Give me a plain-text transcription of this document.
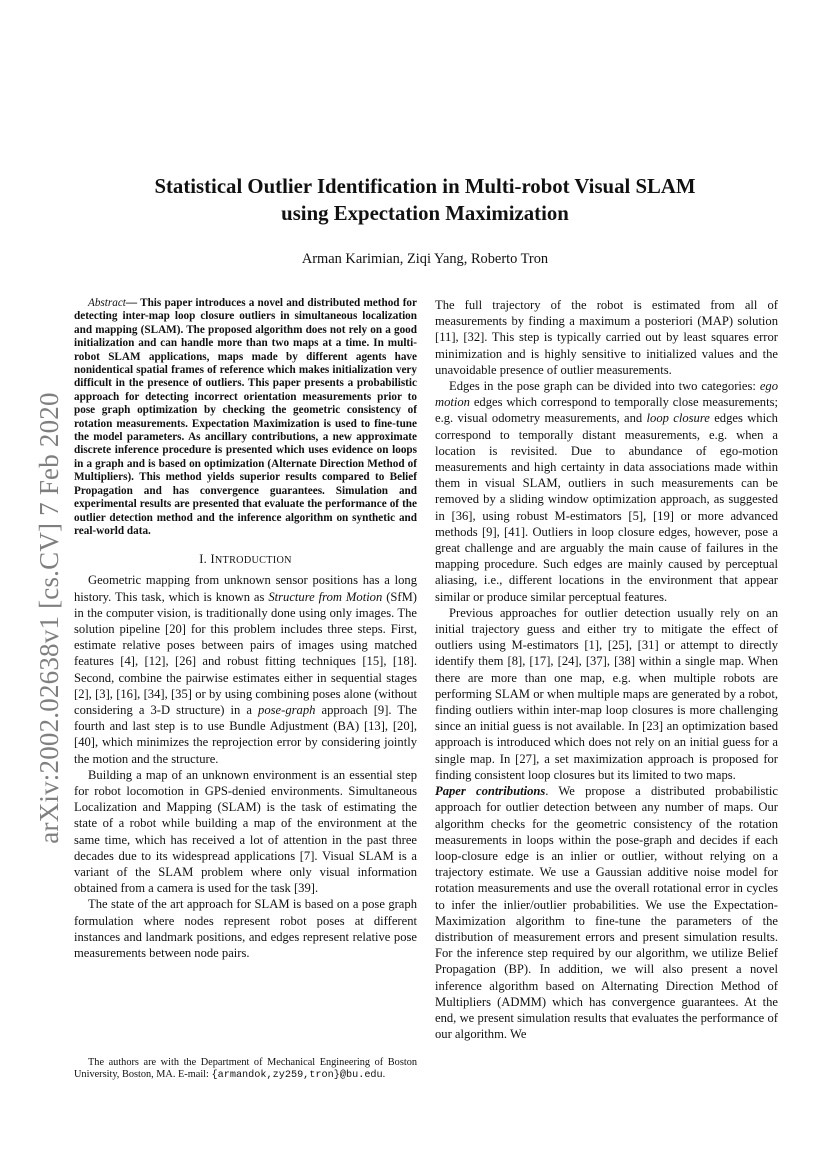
arXiv:2002.02638v1 [cs.CV] 7 Feb 2020
Statistical Outlier Identification in Multi-robot Visual SLAM
using Expectation Maximization
Arman Karimian, Ziqi Yang, Roberto Tron

Abstract— This paper introduces a novel and distributed method for detecting inter-map loop closure outliers in simultaneous localization and mapping (SLAM). The proposed algorithm does not rely on a good initialization and can handle more than two maps at a time. In multi-robot SLAM applications, maps made by different agents have nonidentical spatial frames of reference which makes initialization very difficult in the presence of outliers. This paper presents a probabilistic approach for detecting incorrect orientation measurements prior to pose graph optimization by checking the geometric consistency of rotation measurements. Expectation Maximization is used to fine-tune the model parameters. As ancillary contributions, a new approximate discrete inference procedure is presented which uses evidence on loops in a graph and is based on optimization (Alternate Direction Method of Multipliers). This method yields superior results compared to Belief Propagation and has convergence guarantees. Simulation and experimental results are presented that evaluate the performance of the outlier detection method and the inference algorithm on synthetic and real-world data.

I. INTRODUCTION

Geometric mapping from unknown sensor positions has a long history. This task, which is known as Structure from Motion (SfM) in the computer vision, is traditionally done using only images. The solution pipeline [20] for this problem includes three steps. First, estimate relative poses between pairs of images using matched features [4], [12], [26] and robust fitting techniques [15], [18]. Second, combine the pairwise estimates either in sequential stages [2], [3], [16], [34], [35] or by using combining poses alone (without considering a 3-D structure) in a pose-graph approach [9]. The fourth and last step is to use Bundle Adjustment (BA) [13], [20], [40], which minimizes the reprojection error by considering jointly the motion and the structure.

Building a map of an unknown environment is an essential step for robot locomotion in GPS-denied environments. Simultaneous Localization and Mapping (SLAM) is the task of estimating the state of a robot while building a map of the environment at the same time, which has received a lot of attention in the past three decades due to its widespread applications [7]. Visual SLAM is a variant of the SLAM problem where only visual information obtained from a camera is used for the task [39].

The state of the art approach for SLAM is based on a pose graph formulation where nodes represent robot poses at different instances and landmark positions, and edges represent relative pose measurements between node pairs.

The authors are with the Department of Mechanical Engineering of Boston University, Boston, MA. E-mail: {armandok,zy259,tron}@bu.edu.

The full trajectory of the robot is estimated from all of measurements by finding a maximum a posteriori (MAP) solution [11], [32]. This step is typically carried out by least squares error minimization and is highly sensitive to initialized values and the unavoidable presence of outlier measurements.

Edges in the pose graph can be divided into two categories: ego motion edges which correspond to temporally close measurements; e.g. visual odometry measurements, and loop closure edges which correspond to temporally distant measurements, e.g. when a location is revisited. Due to abundance of ego-motion measurements and high certainty in data associations made within them in visual SLAM, outliers in such measurements can be removed by a sliding window optimization approach, as suggested in [36], using robust M-estimators [5], [19] or more advanced methods [9], [41]. Outliers in loop closure edges, however, pose a great challenge and are arguably the main cause of failures in the mapping procedure. Such edges are mainly caused by perceptual aliasing, i.e., different locations in the environment that appear similar or produce similar perceptual features.

Previous approaches for outlier detection usually rely on an initial trajectory guess and either try to mitigate the effect of outliers using M-estimators [1], [25], [31] or attempt to directly identify them [8], [17], [24], [37], [38] within a single map. When there are more than one map, e.g. when multiple robots are performing SLAM or when multiple maps are generated by a robot, finding outliers within inter-map loop closures is more challenging since an initial guess is not available. In [23] an optimization based approach is introduced which does not rely on an initial guess for a single map. In [27], a set maximization approach is proposed for finding consistent loop closures but its limited to two maps.

Paper contributions. We propose a distributed probabilistic approach for outlier detection between any number of maps. Our algorithm checks for the geometric consistency of the rotation measurements in loops within the pose-graph and decides if each loop-closure edge is an inlier or outlier, without relying on a trajectory estimate. We use a Gaussian additive noise model for rotation measurements and use the overall rotational error in cycles to infer the inlier/outlier probabilities. We use the Expectation-Maximization algorithm to fine-tune the parameters of the distribution of measurement errors and present simulation results. For the inference step required by our algorithm, we utilize Belief Propagation (BP). In addition, we will also present a novel inference algorithm based on Alternating Direction Method of Multipliers (ADMM) which has convergence guarantees. At the end, we present simulation results that evaluates the performance of our algorithm. We
